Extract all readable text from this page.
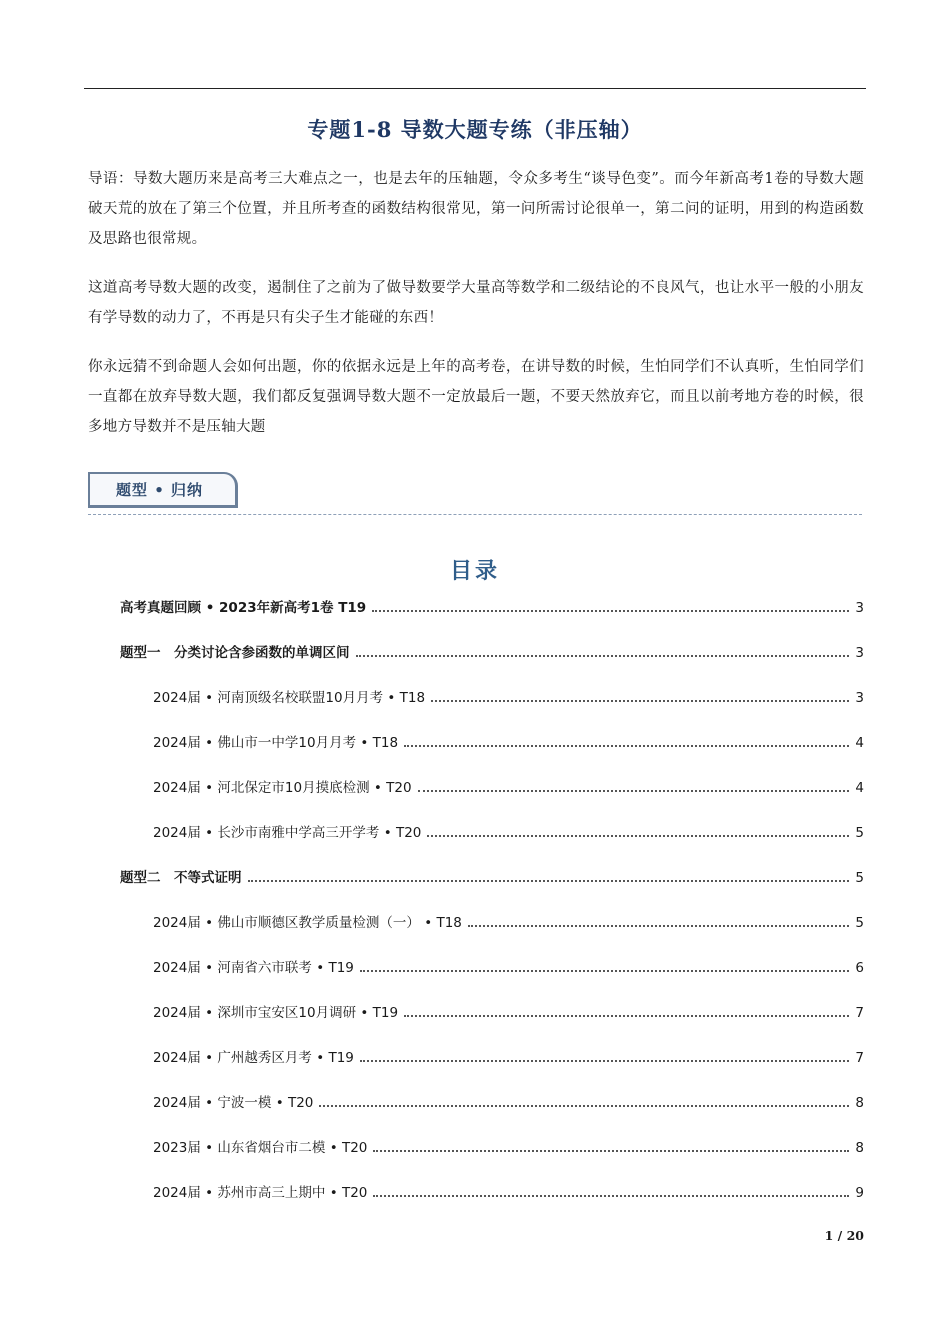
专题1-8 导数大题专练（非压轴）
导语：导数大题历来是高考三大难点之一，也是去年的压轴题，令众多考生“谈导色变”。而今年新高考1卷的导数大题破天荒的放在了第三个位置，并且所考查的函数结构很常见，第一问所需讨论很单一，第二问的证明，用到的构造函数及思路也很常规。
这道高考导数大题的改变，遏制住了之前为了做导数要学大量高等数学和二级结论的不良风气，也让水平一般的小朋友有学导数的动力了，不再是只有尖子生才能碰的东西！
你永远猜不到命题人会如何出题，你的依据永远是上年的高考卷，在讲导数的时候，生怕同学们不认真听，生怕同学们一直都在放弃导数大题，我们都反复强调导数大题不一定放最后一题，不要天然放弃它，而且以前考地方卷的时候，很多地方导数并不是压轴大题
题型 • 归纳
目录
高考真题回顾 • 2023年新高考1卷 T19	3
题型一　分类讨论含参函数的单调区间	3
2024届 • 河南顶级名校联盟10月月考 • T18	3
2024届 • 佛山市一中学10月月考 • T18	4
2024届 • 河北保定市10月摸底检测 • T20	4
2024届 • 长沙市南雅中学高三开学考 • T20	5
题型二　不等式证明	5
2024届 • 佛山市顺德区教学质量检测（一） • T18	5
2024届 • 河南省六市联考 • T19	6
2024届 • 深圳市宝安区10月调研 • T19	7
2024届 • 广州越秀区月考 • T19	7
2024届 • 宁波一模 • T20	8
2023届 • 山东省烟台市二模 • T20	8
2024届 • 苏州市高三上期中 • T20	9
1 / 20
